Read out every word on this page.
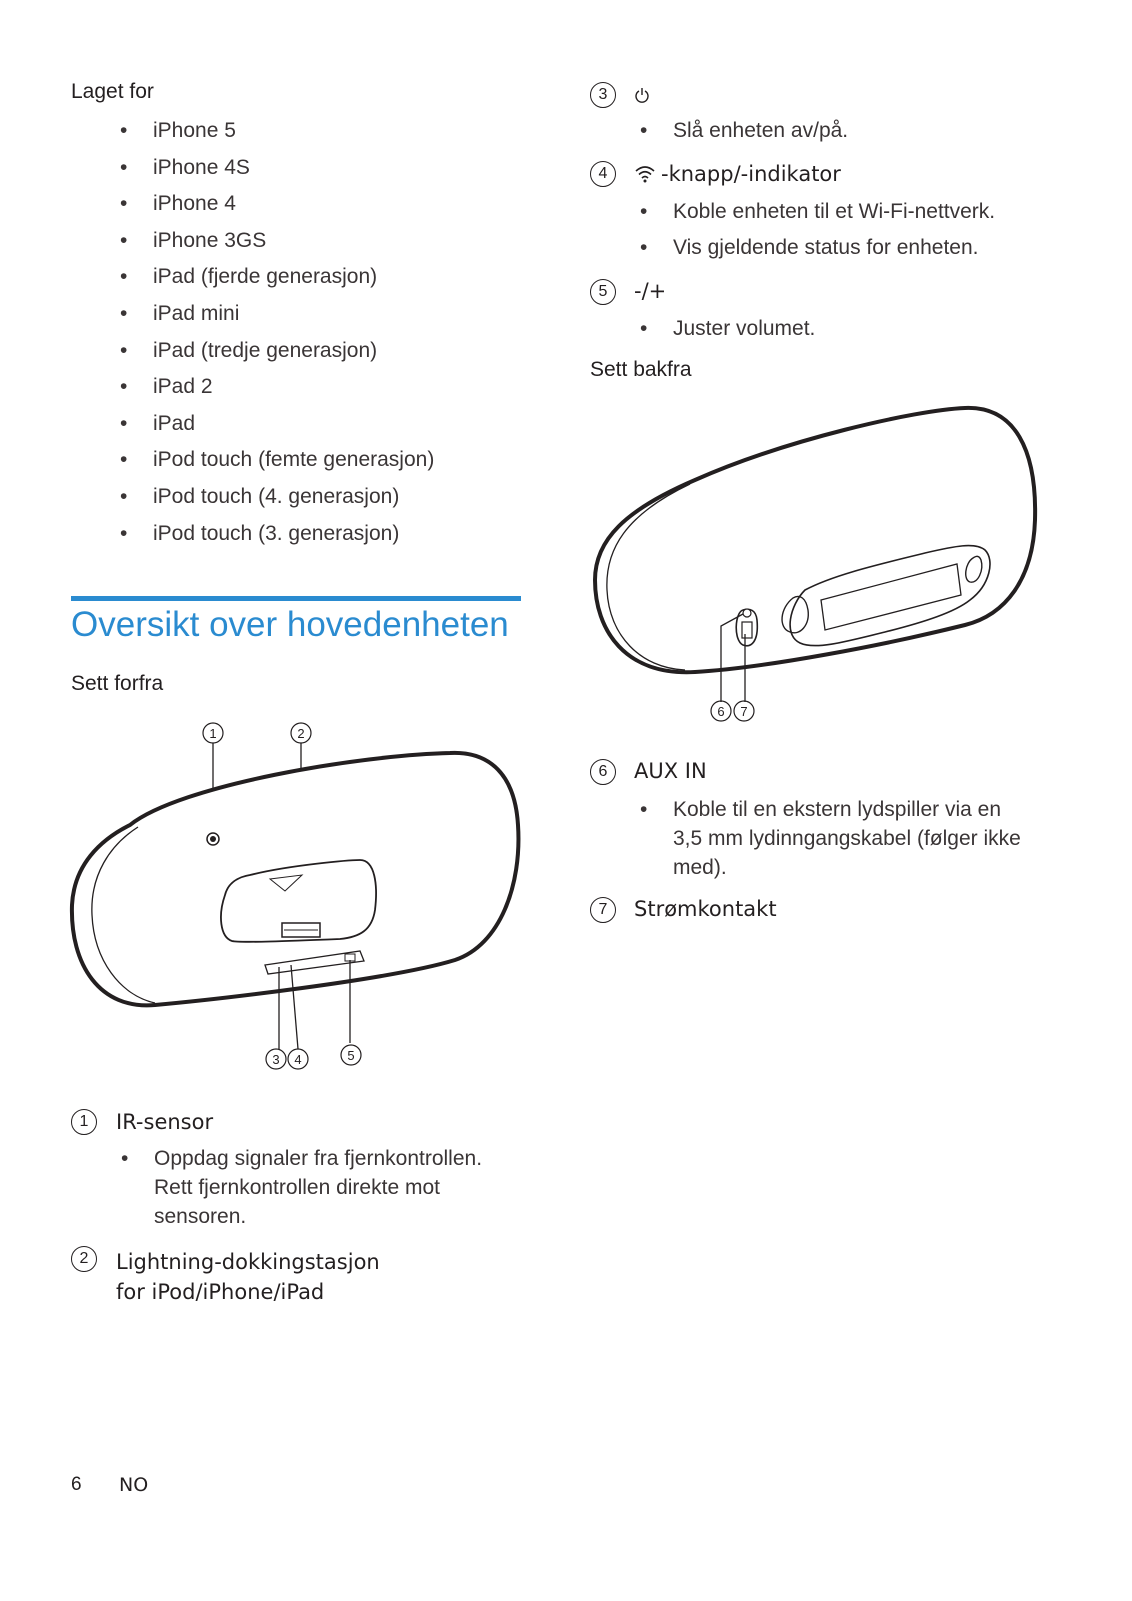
Laget for
• iPhone 5
• iPhone 4S
• iPhone 4
• iPhone 3GS
• iPad (fjerde generasjon)
• iPad mini
• iPad (tredje generasjon)
• iPad 2
• iPad
• iPod touch (femte generasjon)
• iPod touch (4. generasjon)
• iPod touch (3. generasjon)
Oversikt over hovedenheten
Sett forfra
1	2
3 4	5
1	IR-sensor
• Oppdag signaler fra fjernkontrollen.
Rett fjernkontrollen direkte mot
sensoren.
2	Lightning-dokkingstasjon
for iPod/iPhone/iPad
6 NO
3
• Slå enheten av/på.
4	-knapp/-indikator
• Koble enheten til et Wi-Fi-nettverk.
• Vis gjeldende status for enheten.
5	-/+
• Juster volumet.
Sett bakfra
6 7
6	AUX IN
• Koble til en ekstern lydspiller via en
3,5 mm lydinngangskabel (følger ikke
med).
7	Strømkontakt
